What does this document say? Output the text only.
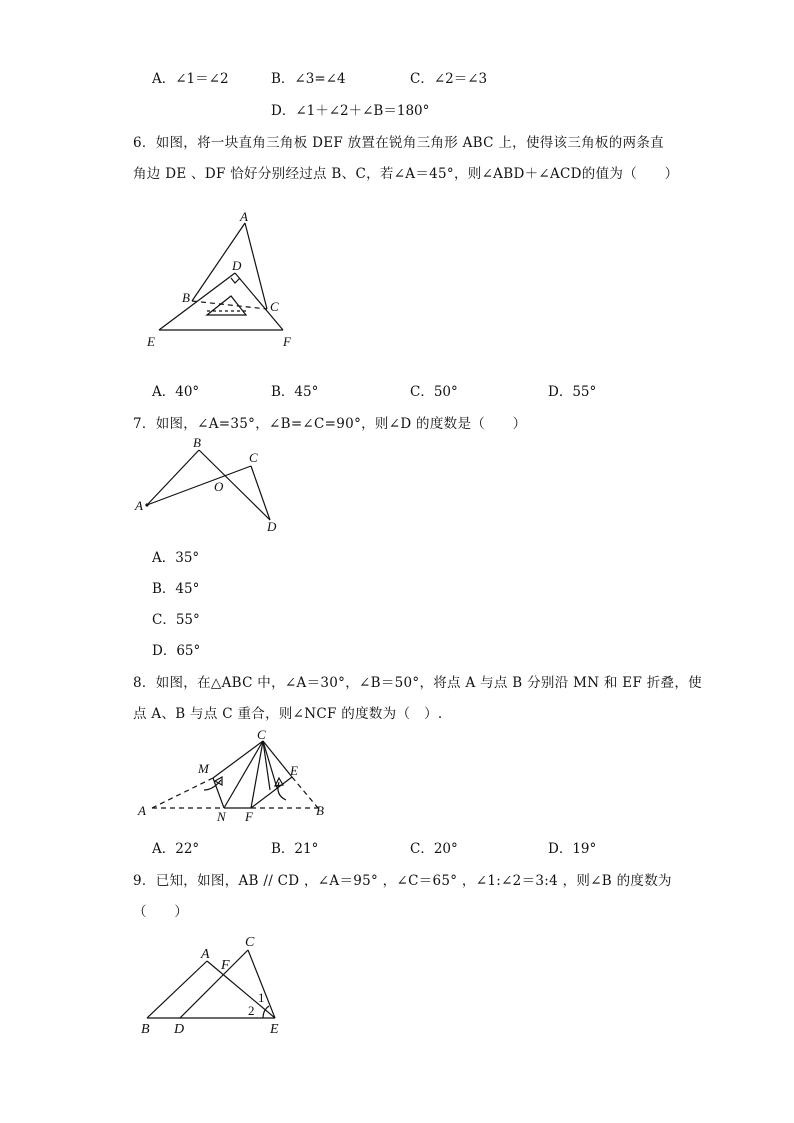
A．∠1＝∠2	B．∠3=∠4	C．∠2＝∠3
D．∠1＋∠2＋∠B＝180°
6．如图，将一块直角三角板 DEF 放置在锐角三角形 ABC 上，使得该三角板的两条直
角边 DE 、DF 恰好分别经过点 B、C，若∠A＝45°，则∠ABD＋∠ACD的值为（　　）
A
D
B
C
E	F
A．40°	B．45°	C．50°	D．55°
7．如图，∠A=35°，∠B=∠C=90°，则∠D 的度数是（　　）
B
C
O
A
D
A．35°
B．45°
C．55°
D．65°
8．如图，在△ABC 中，∠A＝30°，∠B＝50°，将点 A 与点 B 分别沿 MN 和 EF 折叠，使
点 A、B 与点 C 重合，则∠NCF 的度数为（　）.
C
M	E
A	N F	B
A．22°	B．21°	C．20°	D．19°
9．已知，如图，AB // CD ，∠A＝95° ，∠C＝65° ，∠1:∠2＝3:4 ，则∠B 的度数为
（　　）
C
A
F
1
2
B D	E
